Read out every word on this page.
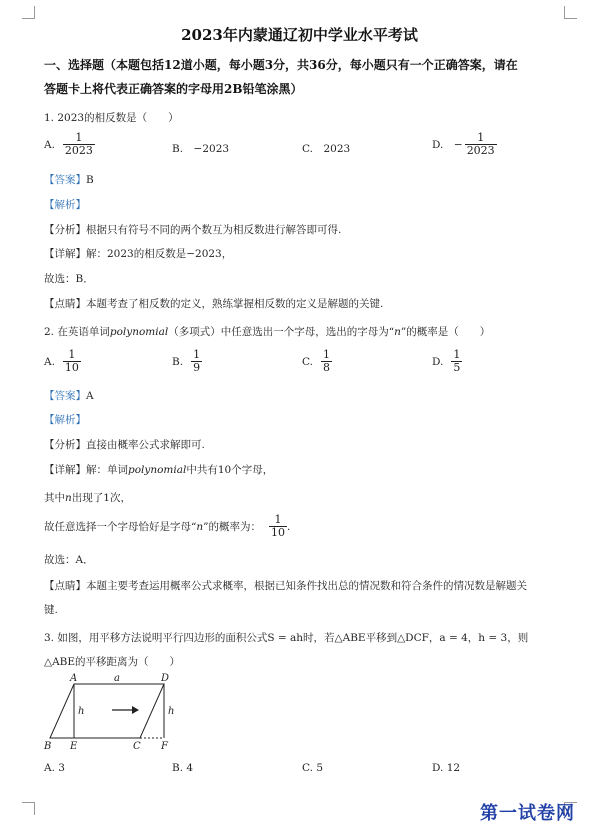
2023年内蒙通辽初中学业水平考试
一、选择题（本题包括12道小题，每小题3分，共36分，每小题只有一个正确答案，请在
答题卡上将代表正确答案的字母用2B铅笔涂黑）
1. 2023的相反数是（　　）
A. $\frac{1}{2023}$	B.　−2023	C.　2023	D.　− $\frac{1}{2023}$
【答案】B
【解析】
【分析】根据只有符号不同的两个数互为相反数进行解答即可得.
【详解】解：2023的相反数是−2023，
故选：B．
【点睛】本题考查了相反数的定义，熟练掌握相反数的定义是解题的关键.
2. 在英语单词polynomial（多项式）中任意选出一个字母，选出的字母为“n”的概率是（　　）
A. $\frac{1}{10}$	B. $\frac{1}{9}$	C. $\frac{1}{8}$	D. $\frac{1}{5}$
【答案】A
【解析】
【分析】直接由概率公式求解即可.
【详解】解：单词polynomial中共有10个字母，
其中n出现了1次，
故任意选择一个字母恰好是字母“ n ”的概率为： $\frac{1}{10}$ .
故选：A．
【点睛】本题主要考查运用概率公式求概率，根据已知条件找出总的情况数和符合条件的情况数是解题关
键.
3. 如图，用平移方法说明平行四边形的面积公式S = ah时，若△ABE平移到△DCF，a = 4，h = 3，则
△ABE的平移距离为（　　）
A	a	D
h	h
B E	C F
A. 3	B. 4	C. 5	D. 12
第一试卷网
